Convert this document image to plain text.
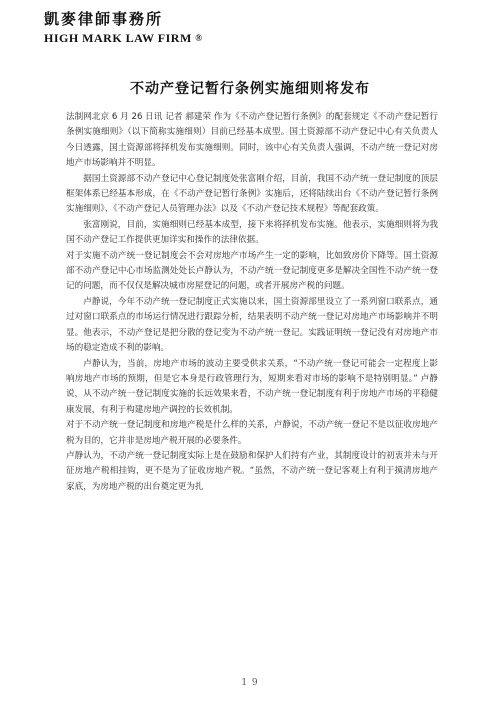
凱麥律師事務所
HIGH MARK LAW FIRM ®
不动产登记暂行条例实施细则将发布

法制网北京 6 月 26 日讯 记者 郝建荣 作为《不动产登记暂行条例》的配套规定《不动产登记暂行条例实施细则》（以下简称实施细则）目前已经基本成型。国土资源部不动产登记中心有关负责人今日透露，国土资源部将择机发布实施细则。同时，该中心有关负责人强调，不动产统一登记对房地产市场影响并不明显。

据国土资源部不动产登记中心登记制度处张富刚介绍，目前，我国不动产统一登记制度的顶层框架体系已经基本形成，在《不动产登记暂行条例》实施后，还将陆续出台《不动产登记暂行条例实施细则》、《不动产登记人员管理办法》以及《不动产登记技术规程》等配套政策。

张富刚说，目前，实施细则已经基本成型，接下来将择机发布实施。他表示，实施细则将为我国不动产登记工作提供更加详实和操作的法律依据。

对于实施不动产统一登记制度会不会对房地产市场产生一定的影响，比如致房价下降等。国土资源部不动产登记中心市场监测处处长卢静认为，不动产统一登记制度更多是解决全国性不动产统一登记的问题，而不仅仅是解决城市房屋登记的问题，或者开展房产税的问题。

卢静说，今年不动产统一登记制度正式实施以来，国土资源部里设立了一系列窗口联系点，通过对窗口联系点的市场运行情况进行跟踪分析，结果表明不动产统一登记对房地产市场影响并不明显。他表示，不动产登记是把分散的登记变为不动产统一登记。实践证明统一登记没有对房地产市场的稳定造成不利的影响。

卢静认为，当前，房地产市场的波动主要受供求关系，“不动产统一登记可能会一定程度上影响房地产市场的预期，但是它本身是行政管理行为，短期来看对市场的影响不是特别明显。” 卢静说，从不动产统一登记制度实施的长远效果来看，不动产统一登记制度有利于房地产市场的平稳健康发展，有利于构建房地产调控的长效机制。

对于不动产统一登记制度和房地产税是什么样的关系，卢静说，不动产统一登记不是以征收房地产税为目的，它并非是房地产税开展的必要条件。

卢静认为，不动产统一登记制度实际上是在鼓励和保护人们持有产业，其制度设计的初衷并未与开征房地产税相挂钩，更不是为了征收房地产税。“虽然，不动产统一登记客观上有利于摸清房地产家底，为房地产税的出台奠定更为扎

1 9
